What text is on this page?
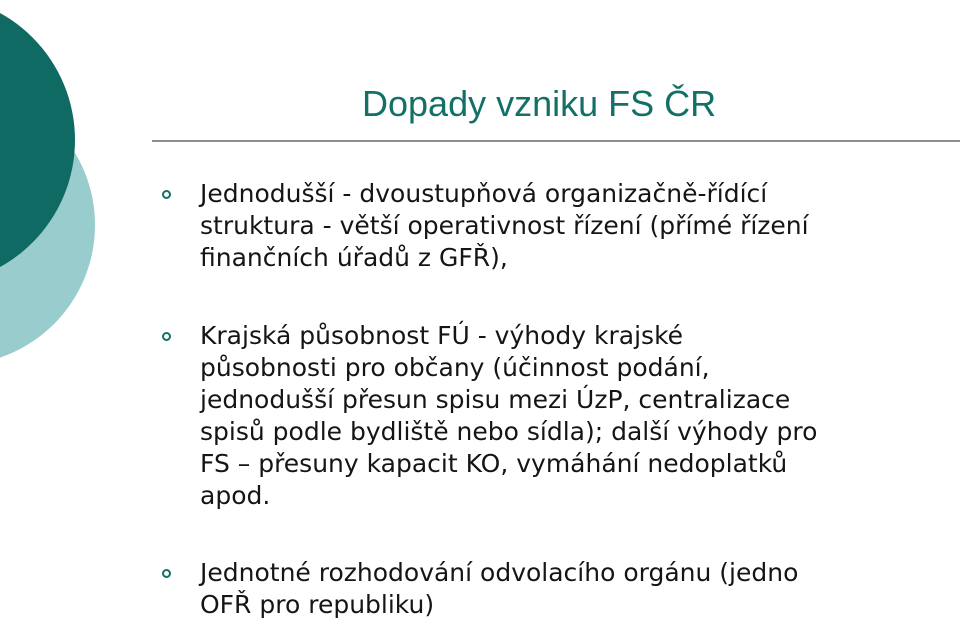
Dopady vzniku FS ČR
Jednodušší - dvoustupňová organizačně-řídící
struktura - větší operativnost řízení (přímé řízení
finančních úřadů z GFŘ),
Krajská působnost FÚ - výhody krajské
působnosti pro občany (účinnost podání,
jednodušší přesun spisu mezi ÚzP, centralizace
spisů podle bydliště nebo sídla); další výhody pro
FS – přesuny kapacit KO, vymáhání nedoplatků
apod.
Jednotné rozhodování odvolacího orgánu (jedno
OFŘ pro republiku)
